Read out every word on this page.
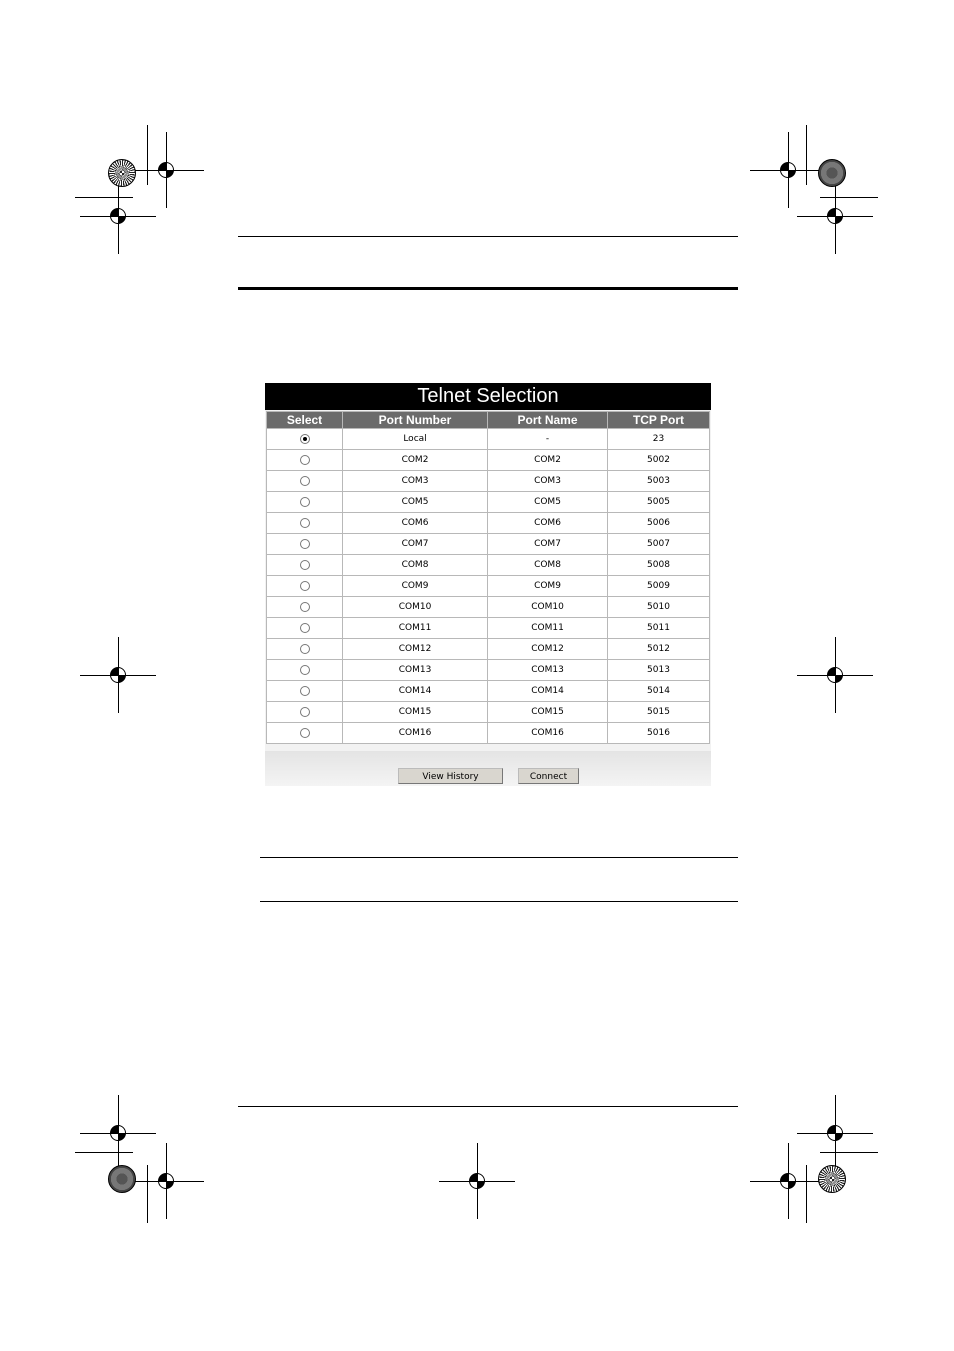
Telnet Selection
Select	Port Number	Port Name	TCP Port
	Local	-	23
	COM2	COM2	5002
	COM3	COM3	5003
	COM5	COM5	5005
	COM6	COM6	5006
	COM7	COM7	5007
	COM8	COM8	5008
	COM9	COM9	5009
	COM10	COM10	5010
	COM11	COM11	5011
	COM12	COM12	5012
	COM13	COM13	5013
	COM14	COM14	5014
	COM15	COM15	5015
	COM16	COM16	5016
View History	Connect
